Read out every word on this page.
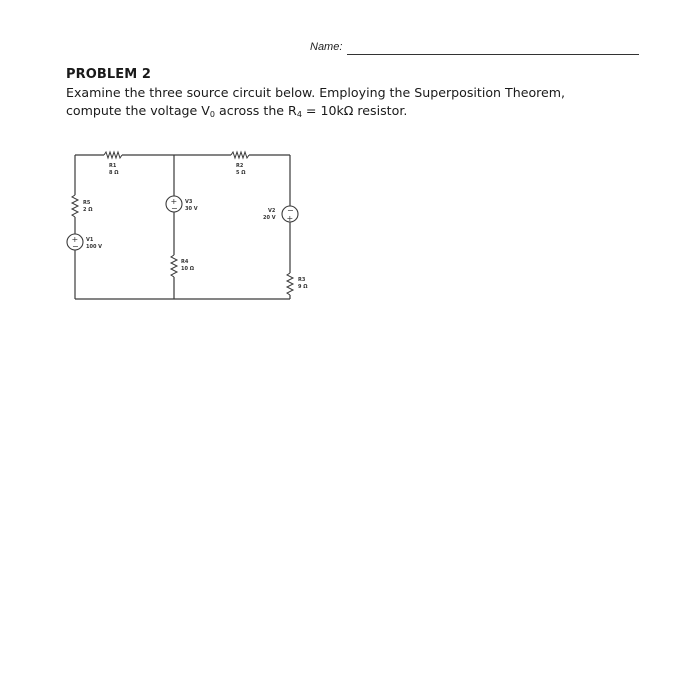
Name:
PROBLEM 2
Examine the three source circuit below. Employing the Superposition Theorem,
compute the voltage $V_0$ across the $R_4 = 10k\Omega$ resistor.
+
−
+
−	−
+
R1
8 Ω
R2
5 Ω
R5
2 Ω
V1
100 V
V3
30 V
R4
10 Ω
V2
20 V
R3
9 Ω
